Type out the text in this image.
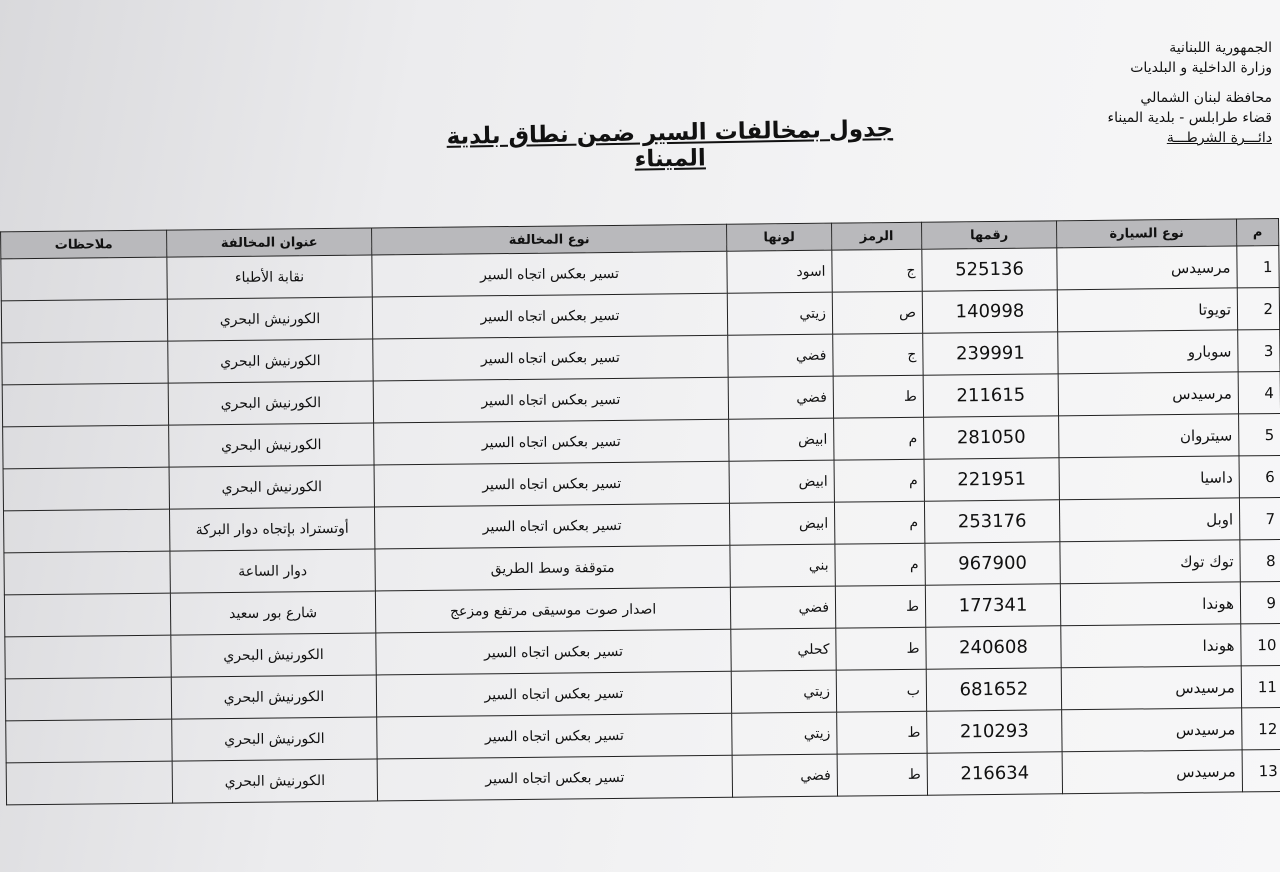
الجمهورية اللبنانية
وزارة الداخلية و البلديات
محافظة لبنان الشمالي
قضاء طرابلس - بلدية الميناء
دائـــرة الشرطـــة
جدول بمخالفات السير ضمن نطاق بلدية الميناء
م	نوع السيارة	رقمها	الرمز	لونها	نوع المخالفة	عنوان المخالفة	ملاحظات
1	مرسيدس	525136	ج	اسود	تسير بعكس اتجاه السير	نقابة الأطباء	
2	تويوتا	140998	ص	زيتي	تسير بعكس اتجاه السير	الكورنيش البحري	
3	سوبارو	239991	ج	فضي	تسير بعكس اتجاه السير	الكورنيش البحري	
4	مرسيدس	211615	ط	فضي	تسير بعكس اتجاه السير	الكورنيش البحري	
5	سيتروان	281050	م	ابيض	تسير بعكس اتجاه السير	الكورنيش البحري	
6	داسيا	221951	م	ابيض	تسير بعكس اتجاه السير	الكورنيش البحري	
7	اوبل	253176	م	ابيض	تسير بعكس اتجاه السير	أوتستراد بإتجاه دوار البركة	
8	توك توك	967900	م	بني	متوقفة وسط الطريق	دوار الساعة	
9	هوندا	177341	ط	فضي	اصدار صوت موسيقى مرتفع ومزعج	شارع بور سعيد	
10	هوندا	240608	ط	كحلي	تسير بعكس اتجاه السير	الكورنيش البحري	
11	مرسيدس	681652	ب	زيتي	تسير بعكس اتجاه السير	الكورنيش البحري	
12	مرسيدس	210293	ط	زيتي	تسير بعكس اتجاه السير	الكورنيش البحري	
13	مرسيدس	216634	ط	فضي	تسير بعكس اتجاه السير	الكورنيش البحري	
